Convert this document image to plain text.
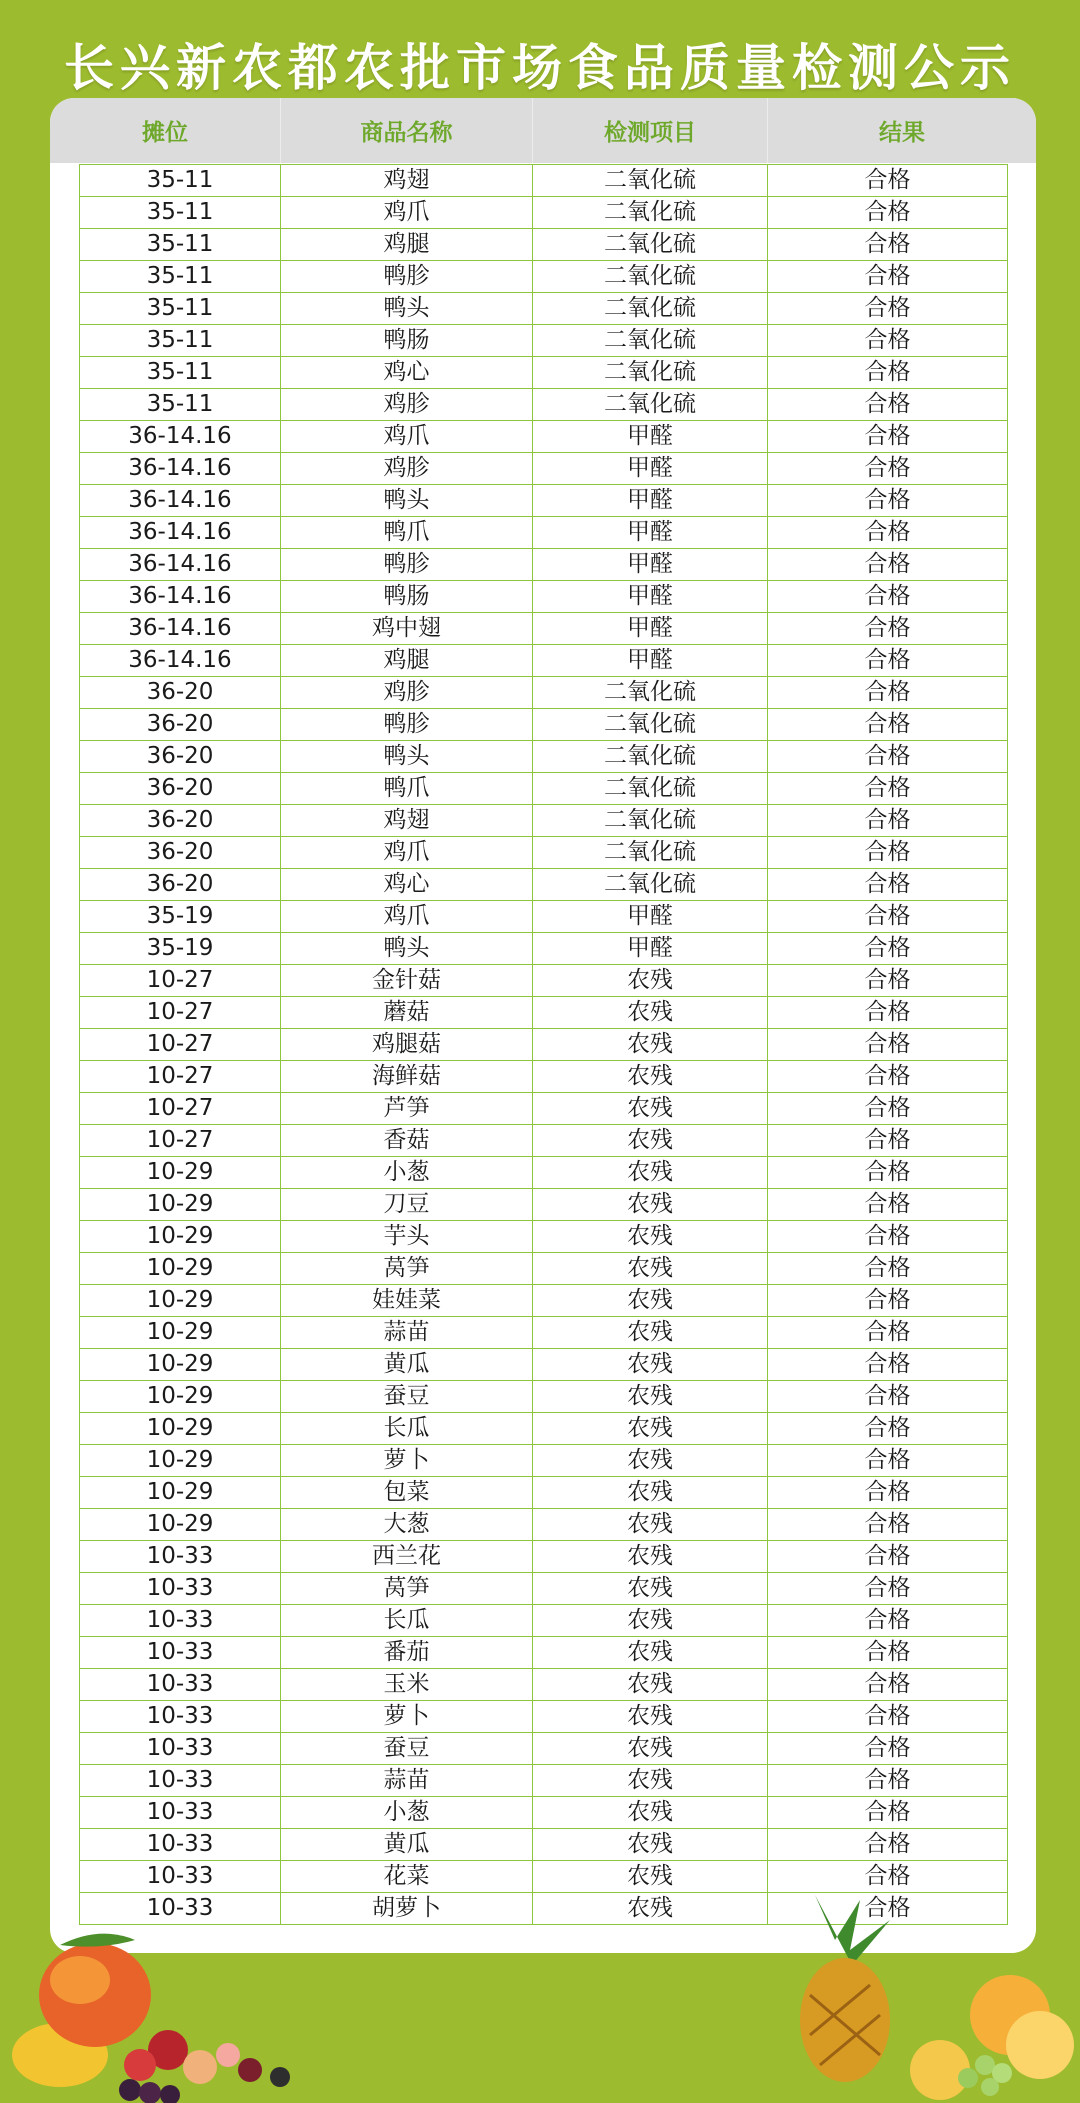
长兴新农都农批市场食品质量检测公示
摊位	商品名称	检测项目	结果
35-11	鸡翅	二氧化硫	合格
35-11	鸡爪	二氧化硫	合格
35-11	鸡腿	二氧化硫	合格
35-11	鸭胗	二氧化硫	合格
35-11	鸭头	二氧化硫	合格
35-11	鸭肠	二氧化硫	合格
35-11	鸡心	二氧化硫	合格
35-11	鸡胗	二氧化硫	合格
36-14.16	鸡爪	甲醛	合格
36-14.16	鸡胗	甲醛	合格
36-14.16	鸭头	甲醛	合格
36-14.16	鸭爪	甲醛	合格
36-14.16	鸭胗	甲醛	合格
36-14.16	鸭肠	甲醛	合格
36-14.16	鸡中翅	甲醛	合格
36-14.16	鸡腿	甲醛	合格
36-20	鸡胗	二氧化硫	合格
36-20	鸭胗	二氧化硫	合格
36-20	鸭头	二氧化硫	合格
36-20	鸭爪	二氧化硫	合格
36-20	鸡翅	二氧化硫	合格
36-20	鸡爪	二氧化硫	合格
36-20	鸡心	二氧化硫	合格
35-19	鸡爪	甲醛	合格
35-19	鸭头	甲醛	合格
10-27	金针菇	农残	合格
10-27	蘑菇	农残	合格
10-27	鸡腿菇	农残	合格
10-27	海鲜菇	农残	合格
10-27	芦笋	农残	合格
10-27	香菇	农残	合格
10-29	小葱	农残	合格
10-29	刀豆	农残	合格
10-29	芋头	农残	合格
10-29	莴笋	农残	合格
10-29	娃娃菜	农残	合格
10-29	蒜苗	农残	合格
10-29	黄瓜	农残	合格
10-29	蚕豆	农残	合格
10-29	长瓜	农残	合格
10-29	萝卜	农残	合格
10-29	包菜	农残	合格
10-29	大葱	农残	合格
10-33	西兰花	农残	合格
10-33	莴笋	农残	合格
10-33	长瓜	农残	合格
10-33	番茄	农残	合格
10-33	玉米	农残	合格
10-33	萝卜	农残	合格
10-33	蚕豆	农残	合格
10-33	蒜苗	农残	合格
10-33	小葱	农残	合格
10-33	黄瓜	农残	合格
10-33	花菜	农残	合格
10-33	胡萝卜	农残	合格
